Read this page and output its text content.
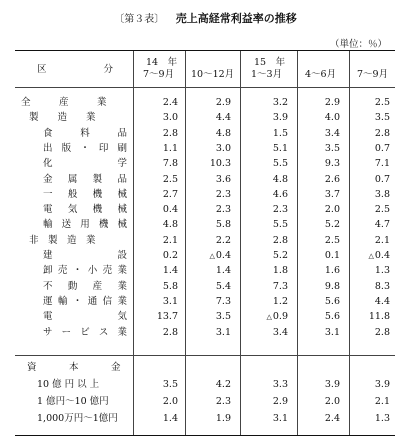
〔第３表〕 売上高経常利益率の推移
（単位：％）
区　　　　　　分
14　年
7～9月 10～12月
15　年
1～3月 4～6月 7～9月
全　　　産　　　業	2.4	2.9	3.2	2.9	2.5
製　　造　　業	3.0	4.4	3.9	4.0	3.5
食　　料　　品	2.8	4.8	1.5	3.4	2.8
出版・印刷	1.1	3.0	5.1	3.5	0.7
化　　　　　学	7.8	10.3	5.5	9.3	7.1
金属製品	2.5	3.6	4.8	2.6	0.7
一般機械	2.7	2.3	4.6	3.7	3.8
電気機械	0.4	2.3	2.3	2.0	2.5
輸送用機械	4.8	5.8	5.5	5.2	4.7
非　製　造　業	2.1	2.2	2.8	2.5	2.1
建　　　　　設	0.2	△0.4	5.2	0.1	△0.4
卸売・小売業	1.4	1.4	1.8	1.6	1.3
不　動　産　業	5.8	5.4	7.3	9.8	8.3
運輸・通信業	3.1	7.3	1.2	5.6	4.4
電　　　　　気	13.7	3.5	△0.9	5.6	11.8
サ ー ビ ス 業	2.8	3.1	3.4	3.1	2.8
資　　　本　　　金
10 億 円 以 上	3.5	4.2	3.3	3.9	3.9
1 億円～10 億円	2.0	2.3	2.9	2.0	2.1
1,000万円～1億円	1.4	1.9	3.1	2.4	1.3
